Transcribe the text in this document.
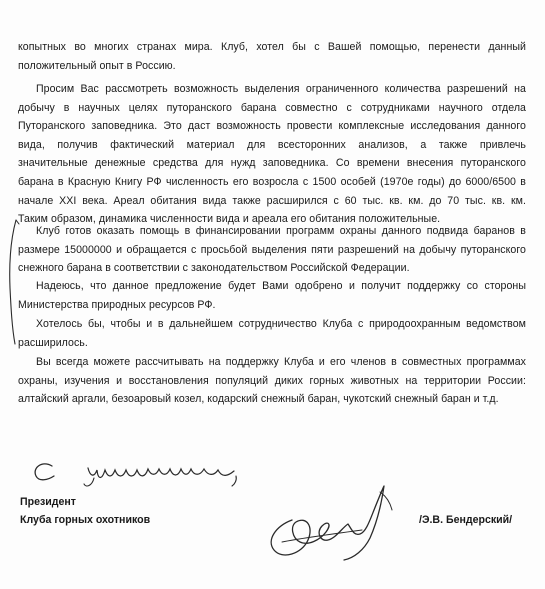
копытных во многих странах мира. Клуб, хотел бы с Вашей помощью, перенести данный
положительный опыт в Россию.
Просим Вас рассмотреть возможность выделения ограниченного количества разрешений на
добычу в научных целях путоранского барана совместно с сотрудниками научного отдела
Путоранского заповедника. Это даст возможность провести комплексные исследования данного
вида, получив фактический материал для всесторонних анализов, а также привлечь
значительные денежные средства для нужд заповедника. Со времени внесения путоранского
барана в Красную Книгу РФ численность его возросла с 1500 особей (1970е годы) до 6000/6500 в
начале XXI века. Ареал обитания вида также расширился с 60 тыс. кв. км. до 70 тыс. кв. км.
Таким образом, динамика численности вида и ареала его обитания положительные.
Клуб готов оказать помощь в финансировании программ охраны данного подвида баранов в
размере 15000000 и обращается с просьбой выделения пяти разрешений на добычу путоранского
снежного барана в соответствии с законодательством Российской Федерации.
Надеюсь, что данное предложение будет Вами одобрено и получит поддержку со стороны
Министерства природных ресурсов РФ.
Хотелось бы, чтобы и в дальнейшем сотрудничество Клуба с природоохранным ведомством
расширилось.
Вы всегда можете рассчитывать на поддержку Клуба и его членов в совместных программах
охраны, изучения и восстановления популяций диких горных животных на территории России:
алтайский аргали, безоаровый козел, кодарский снежный баран, чукотский снежный баран и т.д.
Президент
Клуба горных охотников	/Э.В. Бендерский/
